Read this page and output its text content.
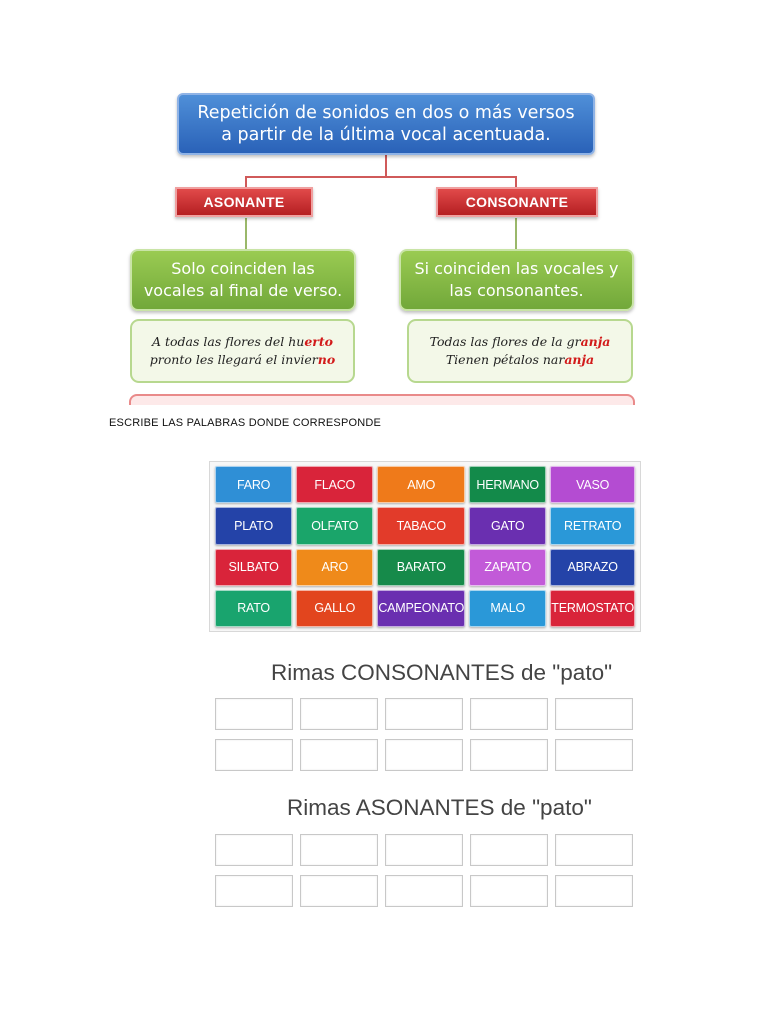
Repetición de sonidos en dos o más versos
a partir de la última vocal acentuada.
ASONANTE	CONSONANTE
Solo coinciden las
vocales al final de verso.
Si coinciden las vocales y
las consonantes.
A todas las flores del huerto
pronto les llegará el invierno
Todas las flores de la granja
Tienen pétalos naranja
ESCRIBE LAS PALABRAS DONDE CORRESPONDE
FARO	FLACO	AMO	HERMANO	VASO
PLATO	OLFATO	TABACO	GATO	RETRATO
SILBATO	ARO	BARATO	ZAPATO	ABRAZO
RATO	GALLO	CAMPEONATO	MALO	TERMOSTATO
Rimas CONSONANTES de "pato"
Rimas ASONANTES de "pato"
